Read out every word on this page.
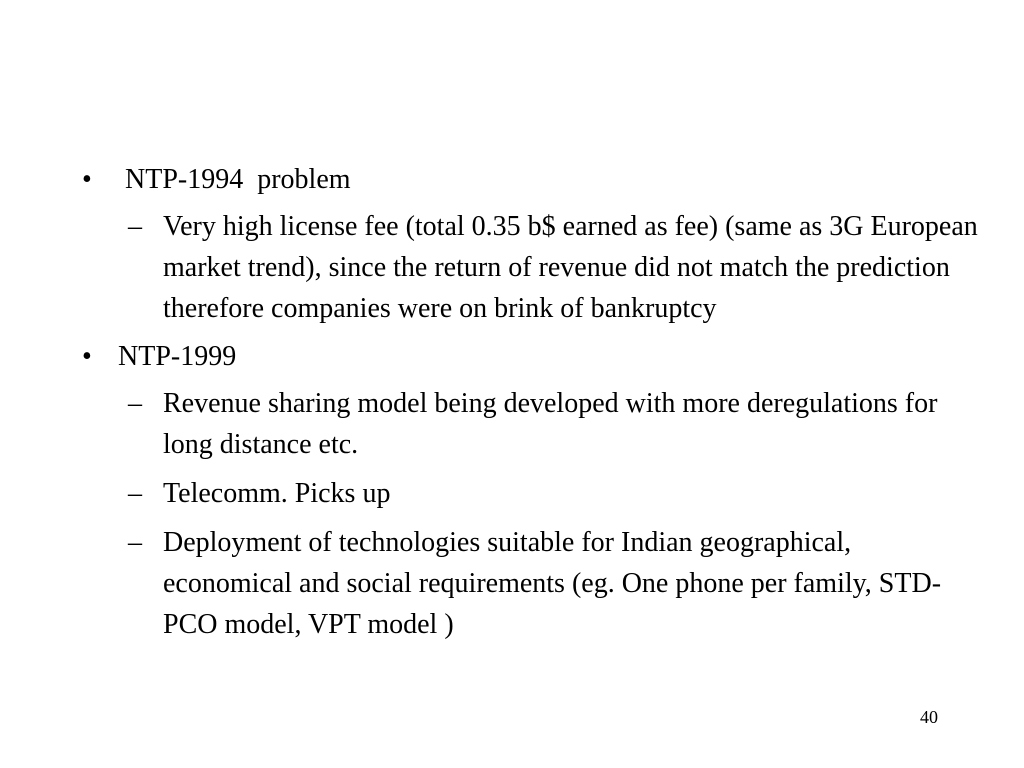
• NTP-1994  problem
– Very high license fee (total 0.35 b$ earned as fee) (same as 3G European market trend), since the return of revenue did not match the prediction therefore companies were on brink of bankruptcy
• NTP-1999
– Revenue sharing model being developed with more deregulations for long distance etc.
– Telecomm. Picks up
– Deployment of technologies suitable for Indian geographical, economical and social requirements (eg. One phone per family, STD-PCO model, VPT model )
40
